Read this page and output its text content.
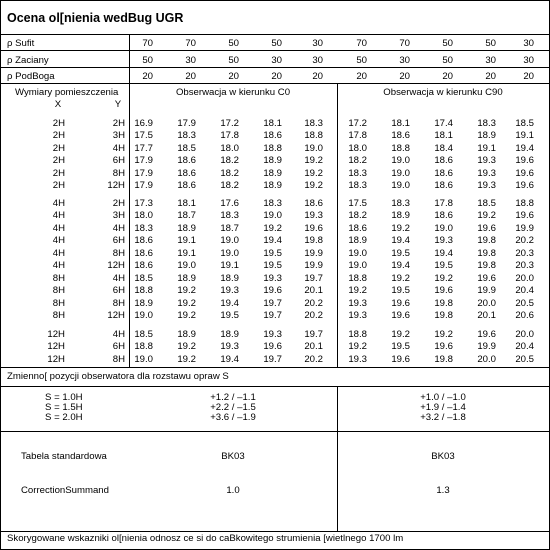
Ocena ol[nienia wedBug UGR
ρ Sufit	70	70	50	50	30	70	70	50	50	30
ρ Zaciany	50	30	50	30	30	50	30	50	30	30
ρ PodBoga	20	20	20	20	20	20	20	20	20	20
Wymiary pomieszczenia
X	Y
Obserwacja w kierunku C0	Obserwacja w kierunku C90
2H	2H 16.9	17.9	17.2	18.1	18.3	17.2	18.1	17.4	18.3	18.5
2H	3H 17.5	18.3	17.8	18.6	18.8	17.8	18.6	18.1	18.9	19.1
2H	4H 17.7	18.5	18.0	18.8	19.0	18.0	18.8	18.4	19.1	19.4
2H	6H 17.9	18.6	18.2	18.9	19.2	18.2	19.0	18.6	19.3	19.6
2H	8H 17.9	18.6	18.2	18.9	19.2	18.3	19.0	18.6	19.3	19.6
2H	12H 17.9	18.6	18.2	18.9	19.2	18.3	19.0	18.6	19.3	19.6
4H	2H 17.3	18.1	17.6	18.3	18.6	17.5	18.3	17.8	18.5	18.8
4H	3H 18.0	18.7	18.3	19.0	19.3	18.2	18.9	18.6	19.2	19.6
4H	4H 18.3	18.9	18.7	19.2	19.6	18.6	19.2	19.0	19.6	19.9
4H	6H 18.6	19.1	19.0	19.4	19.8	18.9	19.4	19.3	19.8	20.2
4H	8H 18.6	19.1	19.0	19.5	19.9	19.0	19.5	19.4	19.8	20.3
4H	12H 18.6	19.0	19.1	19.5	19.9	19.0	19.4	19.5	19.8	20.3
8H	4H 18.5	18.9	18.9	19.3	19.7	18.8	19.2	19.2	19.6	20.0
8H	6H 18.8	19.2	19.3	19.6	20.1	19.2	19.5	19.6	19.9	20.4
8H	8H 18.9	19.2	19.4	19.7	20.2	19.3	19.6	19.8	20.0	20.5
8H	12H 19.0	19.2	19.5	19.7	20.2	19.3	19.6	19.8	20.1	20.6
12H	4H 18.5	18.9	18.9	19.3	19.7	18.8	19.2	19.2	19.6	20.0
12H	6H 18.8	19.2	19.3	19.6	20.1	19.2	19.5	19.6	19.9	20.4
12H	8H 19.0	19.2	19.4	19.7	20.2	19.3	19.6	19.8	20.0	20.5
Zmienno[ pozycji obserwatora dla rozstawu opraw S
S = 1.0H	+1.2 / –1.1	+1.0 / –1.0
S = 1.5H	+2.2 / –1.5	+1.9 / –1.4
S = 2.0H	+3.6 / –1.9	+3.2 / –1.8
Tabela standardowa	BK03	BK03
CorrectionSummand	1.0	1.3
Skorygowane wskazniki ol[nienia odnosz ce si do caBkowitego strumienia [wietlnego 1700 lm
